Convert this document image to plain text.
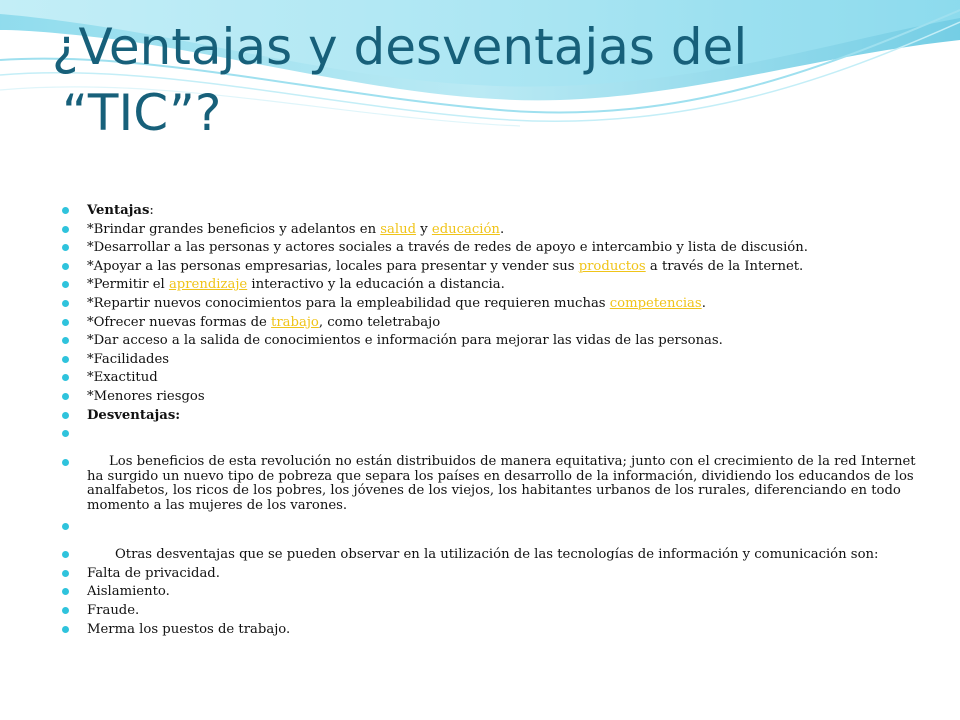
¿Ventajas y desventajas del
“TIC”?
Ventajas:
*Brindar grandes beneficios y adelantos en salud y educación.
*Desarrollar a las personas y actores sociales a través de redes de apoyo e intercambio y lista de discusión.
*Apoyar a las personas empresarias, locales para presentar y vender sus productos a través de la Internet.
*Permitir el aprendizaje interactivo y la educación a distancia.
*Repartir nuevos conocimientos para la empleabilidad que requieren muchas competencias.
*Ofrecer nuevas formas de trabajo, como teletrabajo
*Dar acceso a la salida de conocimientos e información para mejorar las vidas de las personas.
*Facilidades
*Exactitud
*Menores riesgos
Desventajas:
Los beneficios de esta revolución no están distribuidos de manera equitativa; junto con el crecimiento de la red Internet ha surgido un nuevo tipo de pobreza que separa los países en desarrollo de la información, dividiendo los educandos de los analfabetos, los ricos de los pobres, los jóvenes de los viejos, los habitantes urbanos de los rurales, diferenciando en todo momento a las mujeres de los varones.
Otras desventajas que se pueden observar en la utilización de las tecnologías de información y comunicación son:
Falta de privacidad.
Aislamiento.
Fraude.
Merma los puestos de trabajo.
